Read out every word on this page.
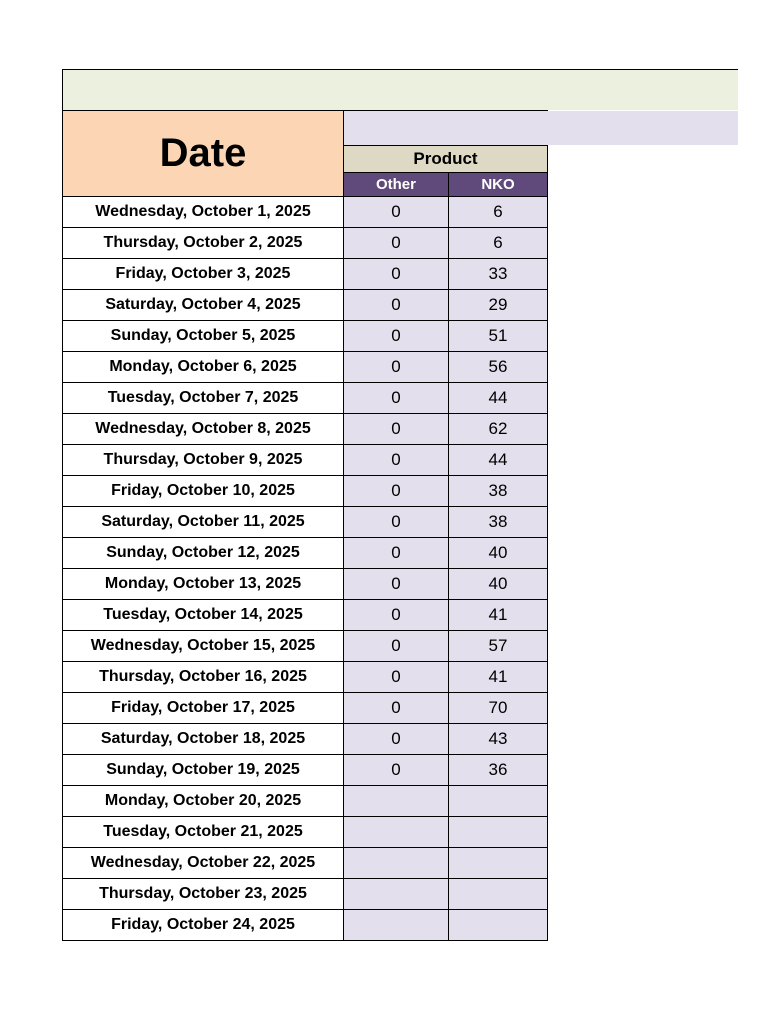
Date	Product
Other	NKO
Wednesday, October 1, 2025	0	6
Thursday, October 2, 2025	0	6
Friday, October 3, 2025	0	33
Saturday, October 4, 2025	0	29
Sunday, October 5, 2025	0	51
Monday, October 6, 2025	0	56
Tuesday, October 7, 2025	0	44
Wednesday, October 8, 2025	0	62
Thursday, October 9, 2025	0	44
Friday, October 10, 2025	0	38
Saturday, October 11, 2025	0	38
Sunday, October 12, 2025	0	40
Monday, October 13, 2025	0	40
Tuesday, October 14, 2025	0	41
Wednesday, October 15, 2025	0	57
Thursday, October 16, 2025	0	41
Friday, October 17, 2025	0	70
Saturday, October 18, 2025	0	43
Sunday, October 19, 2025	0	36
Monday, October 20, 2025
Tuesday, October 21, 2025
Wednesday, October 22, 2025
Thursday, October 23, 2025
Friday, October 24, 2025
